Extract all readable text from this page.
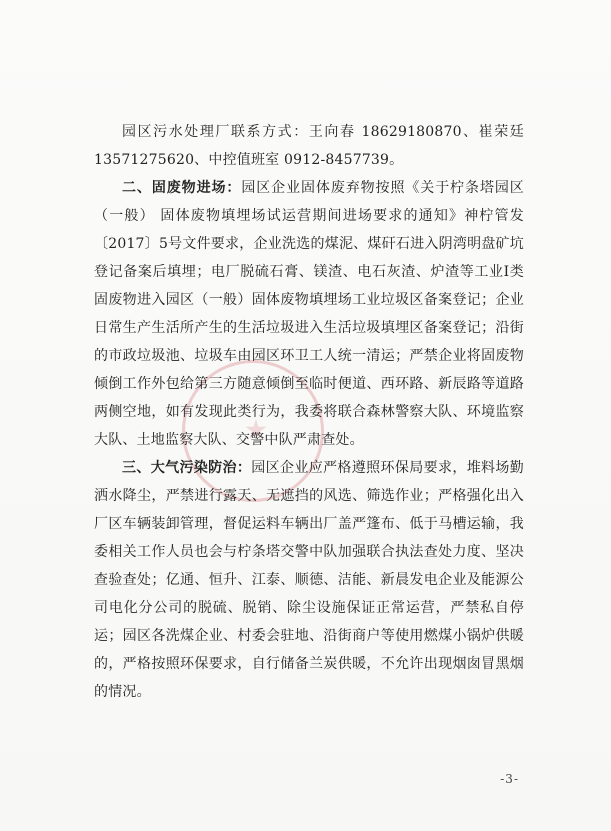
园区污水处理厂联系方式：王向春 18629180870、崔荣廷 13571275620、中控值班室 0912-8457739。

二、固废物进场：园区企业固体废弃物按照《关于柠条塔园区（一般） 固体废物填埋场试运营期间进场要求的通知》神柠管发〔2017〕5号文件要求，企业洗选的煤泥、煤矸石进入阴湾明盘矿坑登记备案后填埋；电厂脱硫石膏、镁渣、电石灰渣、炉渣等工业Ⅰ类固废物进入园区（一般）固体废物填埋场工业垃圾区备案登记；企业日常生产生活所产生的生活垃圾进入生活垃圾填埋区备案登记；沿街的市政垃圾池、垃圾车由园区环卫工人统一清运；严禁企业将固废物倾倒工作外包给第三方随意倾倒至临时便道、西环路、新辰路等道路两侧空地，如有发现此类行为，我委将联合森林警察大队、环境监察大队、土地监察大队、交警中队严肃查处。

三、大气污染防治：园区企业应严格遵照环保局要求，堆料场勤洒水降尘，严禁进行露天、无遮挡的风选、筛选作业；严格强化出入厂区车辆装卸管理，督促运料车辆出厂盖严篷布、低于马槽运输，我委相关工作人员也会与柠条塔交警中队加强联合执法查处力度、坚决查验查处；亿通、恒升、江泰、顺德、洁能、新晨发电企业及能源公司电化分公司的脱硫、脱销、除尘设施保证正常运营，严禁私自停运；园区各洗煤企业、村委会驻地、沿街商户等使用燃煤小锅炉供暖的，严格按照环保要求，自行储备兰炭供暖，不允许出现烟囱冒黑烟的情况。

-3-
